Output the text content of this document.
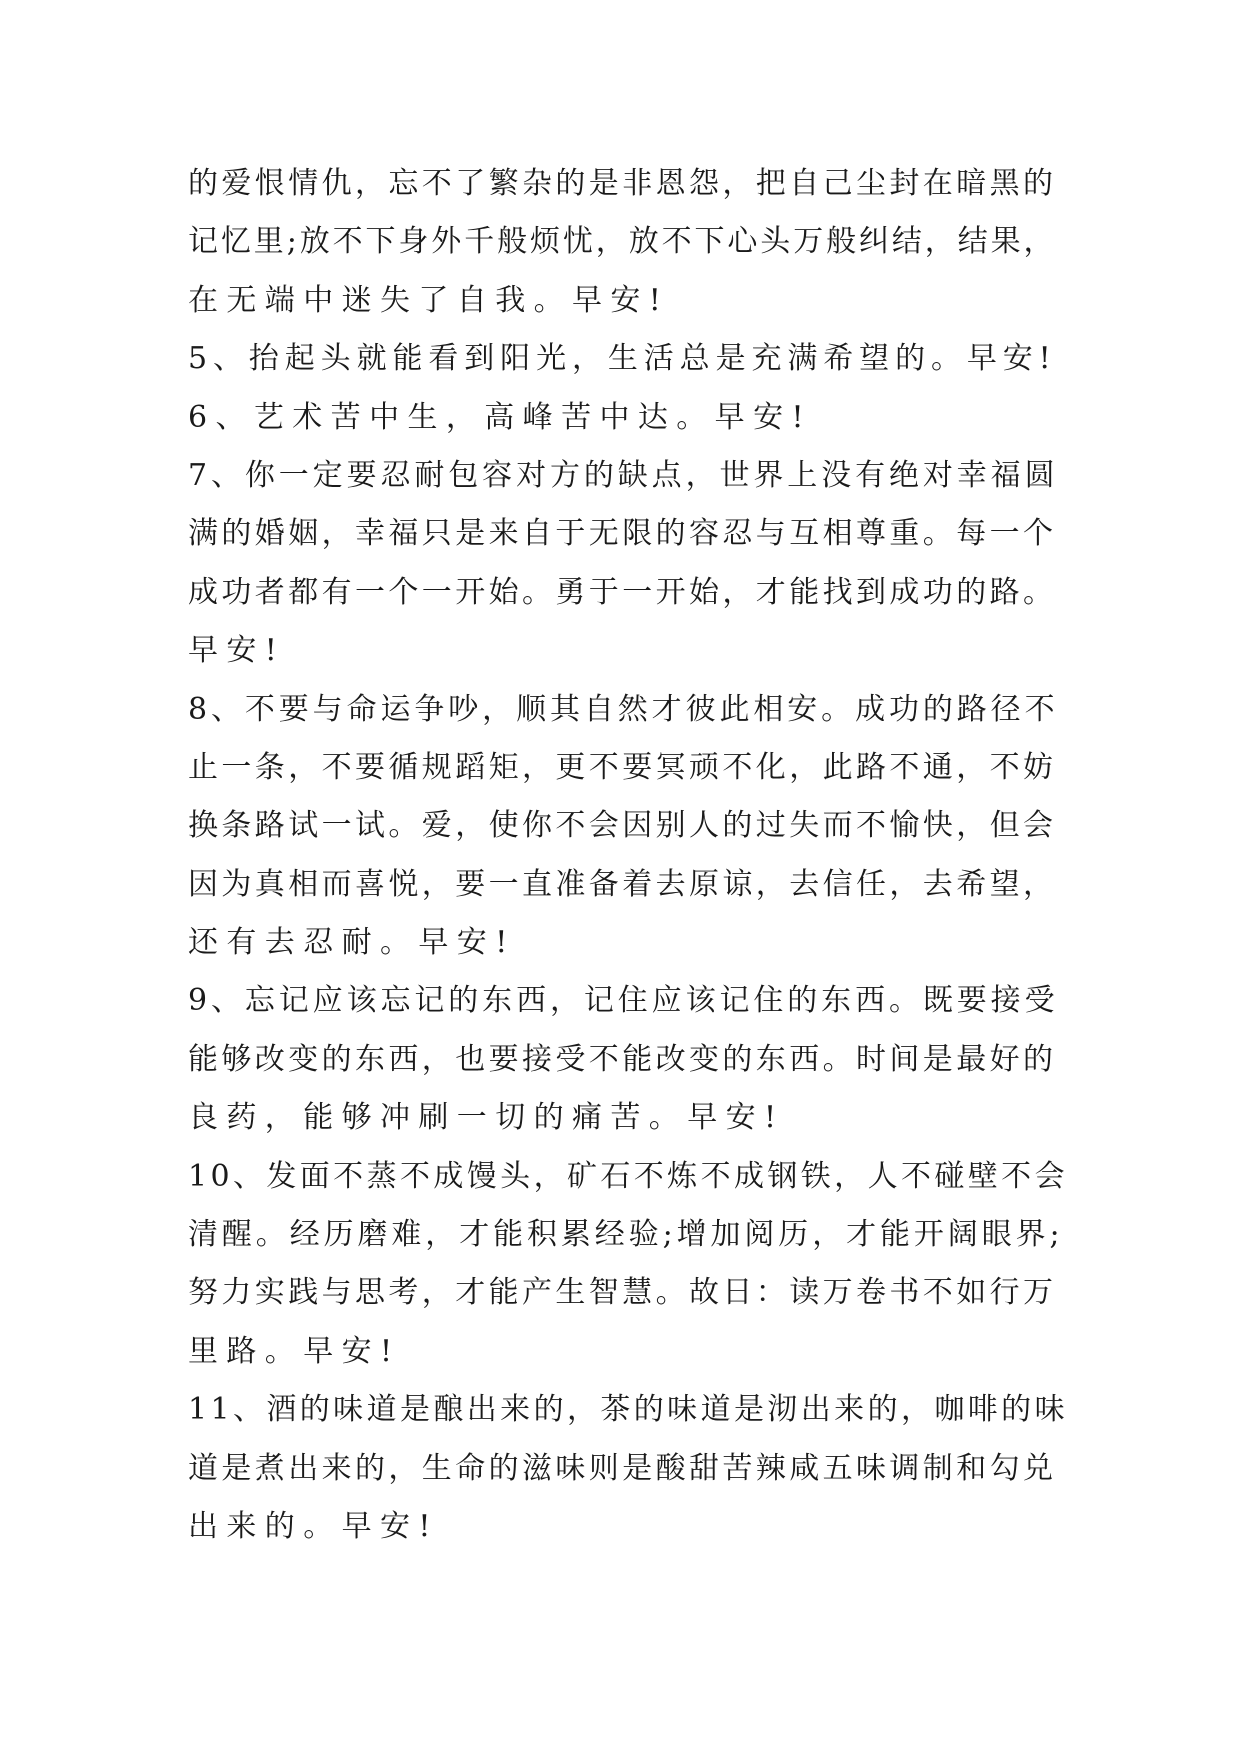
的爱恨情仇，忘不了繁杂的是非恩怨，把自己尘封在暗黑的

记忆里;放不下身外千般烦忧，放不下心头万般纠结，结果，

在无端中迷失了自我。早安!

5、抬起头就能看到阳光，生活总是充满希望的。早安!

6、艺术苦中生，高峰苦中达。早安!

7、你一定要忍耐包容对方的缺点，世界上没有绝对幸福圆

满的婚姻，幸福只是来自于无限的容忍与互相尊重。每一个

成功者都有一个一开始。勇于一开始，才能找到成功的路。

早安!

8、不要与命运争吵，顺其自然才彼此相安。成功的路径不

止一条，不要循规蹈矩，更不要冥顽不化，此路不通，不妨

换条路试一试。爱，使你不会因别人的过失而不愉快，但会

因为真相而喜悦，要一直准备着去原谅，去信任，去希望，

还有去忍耐。早安!

9、忘记应该忘记的东西，记住应该记住的东西。既要接受

能够改变的东西，也要接受不能改变的东西。时间是最好的

良药，能够冲刷一切的痛苦。早安!

10、发面不蒸不成馒头，矿石不炼不成钢铁，人不碰壁不会

清醒。经历磨难，才能积累经验;增加阅历，才能开阔眼界;

努力实践与思考，才能产生智慧。故日：读万卷书不如行万

里路。早安!

11、酒的味道是酿出来的，茶的味道是沏出来的，咖啡的味

道是煮出来的，生命的滋味则是酸甜苦辣咸五味调制和勾兑

出来的。早安!
